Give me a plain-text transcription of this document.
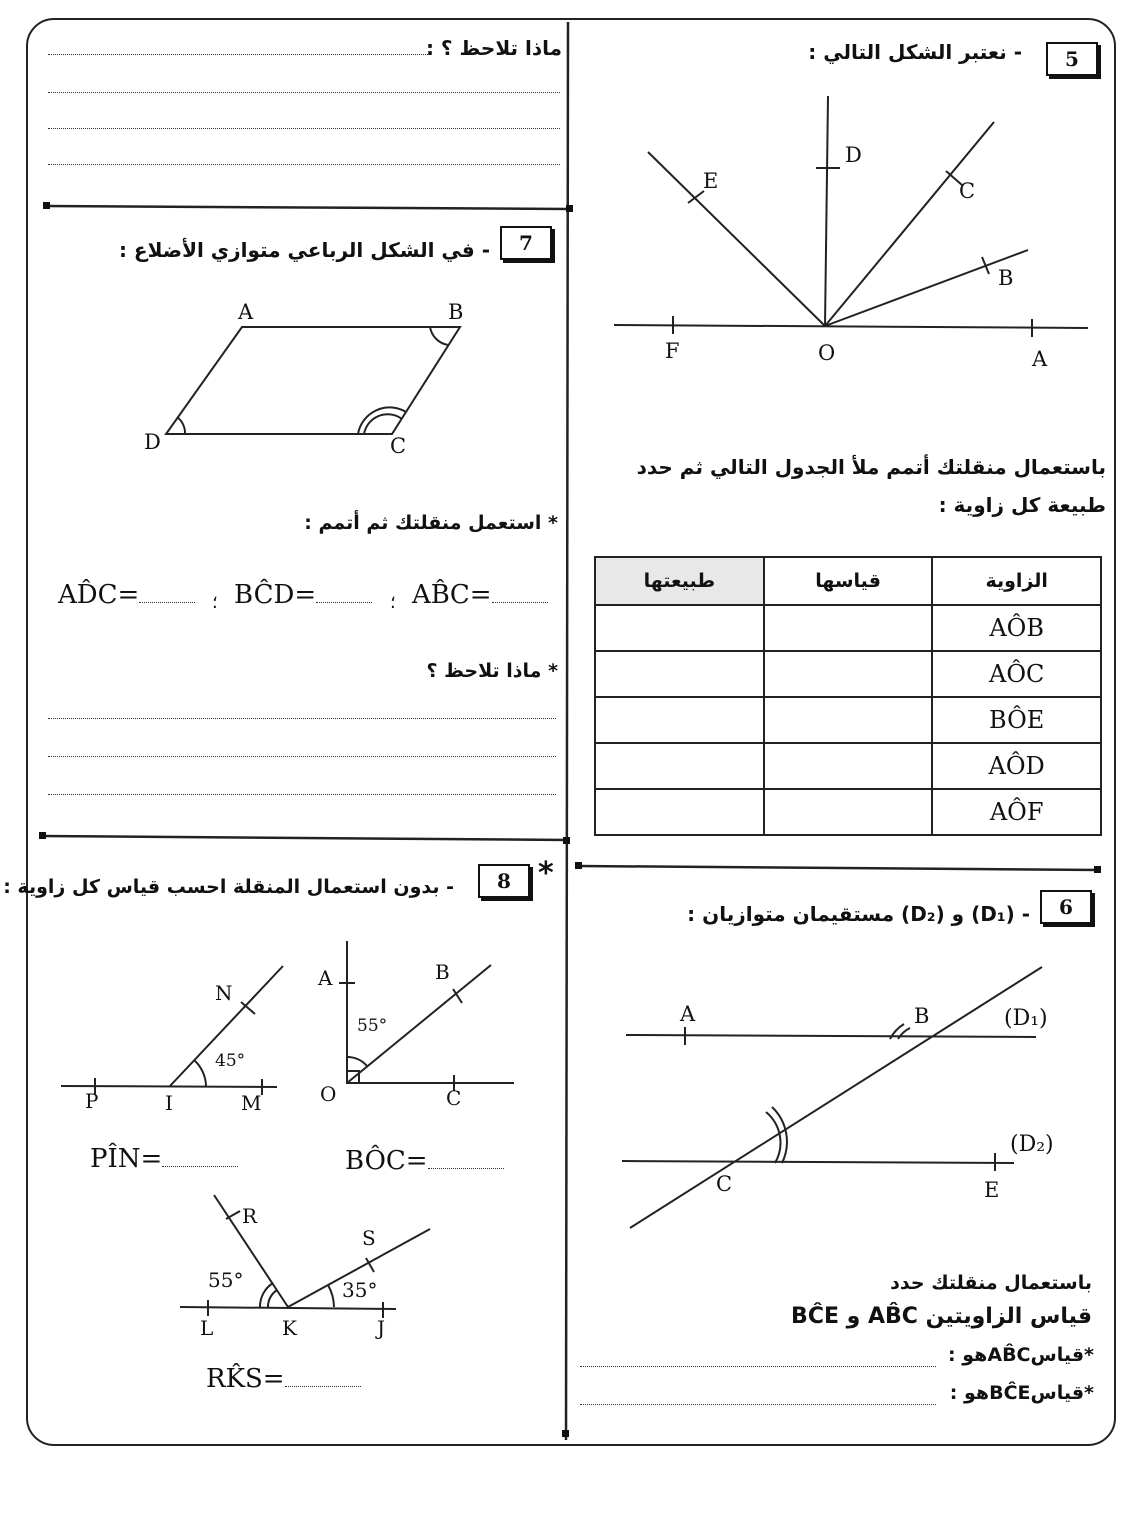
5
- نعتبر الشكل التالي :
F	O	A
D
E	C
B
باستعمال منقلتك أتمم ملأ الجدول التالي ثم حدد طبيعة كل زاوية :
طبيعتها	قياسها	الزاوية
		AÔB
		AÔC
		BÔE
		AÔD
		AÔF
6
- (D₁) و (D₂) مستقيمان متوازيان :
A	B
C	E
(D₁)
(D₂)
باستعمال منقلتك حدد
قياس الزاويتين AB̂C و BĈE
*قياسAB̂Cهو :
*قياسBĈEهو :
ماذا تلاحظ ؟ :
7
- في الشكل الرباعي متوازي الأضلاع :
A	B
C
D
* استعمل منقلتك ثم أتمم :
AD̂C=	؛ BĈD=	؛ AB̂C=
* ماذا تلاحظ ؟
*
8
- بدون استعمال المنقلة احسب قياس كل زاوية :
N
P	I	M
45°
A	B
O	C
55°
PÎN=	BÔC=
R
S
L	K	J
55°	35°
RK̂S=
